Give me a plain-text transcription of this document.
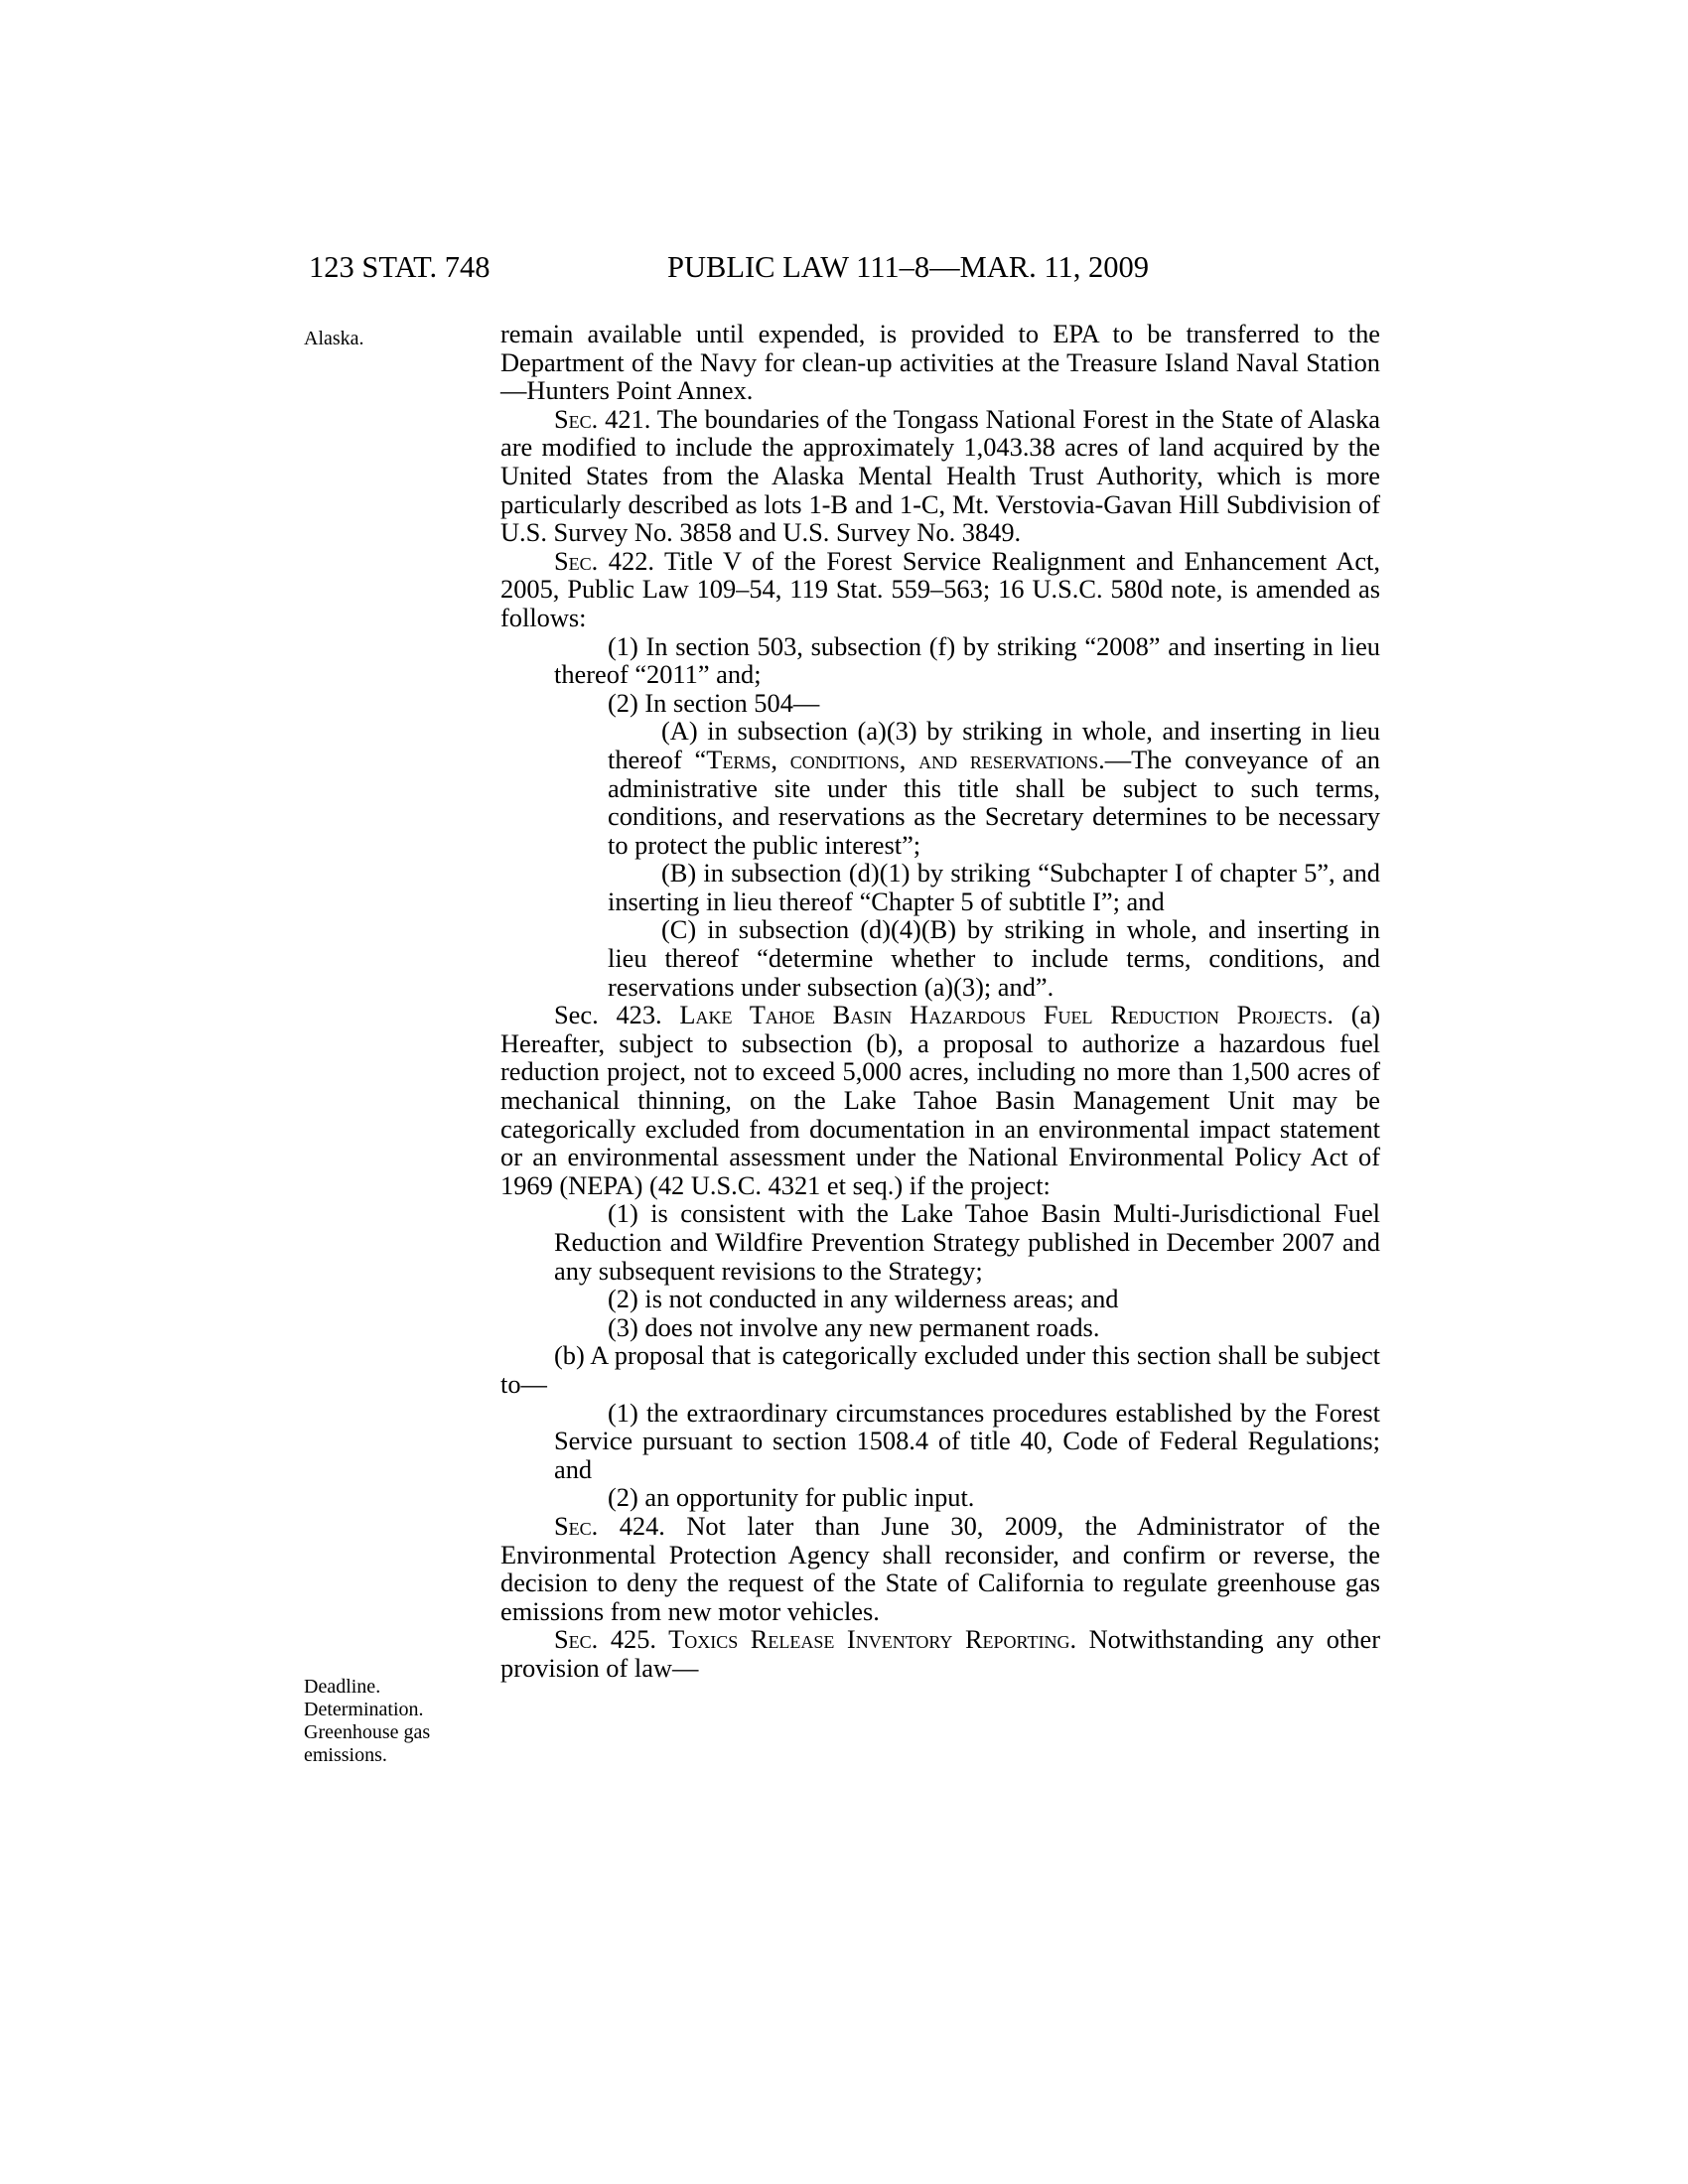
123 STAT. 748	PUBLIC LAW 111–8—MAR. 11, 2009
Alaska.
Deadline.
Determination.
Greenhouse gas
emissions.

remain available until expended, is provided to EPA to be transferred to the Department of the Navy for clean-up activities at the Treasure Island Naval Station—Hunters Point Annex.

Sec. 421. The boundaries of the Tongass National Forest in the State of Alaska are modified to include the approximately 1,043.38 acres of land acquired by the United States from the Alaska Mental Health Trust Authority, which is more particularly described as lots 1-B and 1-C, Mt. Verstovia-Gavan Hill Subdivision of U.S. Survey No. 3858 and U.S. Survey No. 3849.

Sec. 422. Title V of the Forest Service Realignment and Enhancement Act, 2005, Public Law 109–54, 119 Stat. 559–563; 16 U.S.C. 580d note, is amended as follows:

(1) In section 503, subsection (f) by striking “2008” and inserting in lieu thereof “2011” and;

(2) In section 504—

(A) in subsection (a)(3) by striking in whole, and inserting in lieu thereof “Terms, conditions, and reservations.—The conveyance of an administrative site under this title shall be subject to such terms, conditions, and reservations as the Secretary determines to be necessary to protect the public interest”;

(B) in subsection (d)(1) by striking “Subchapter I of chapter 5”, and inserting in lieu thereof “Chapter 5 of subtitle I”; and

(C) in subsection (d)(4)(B) by striking in whole, and inserting in lieu thereof “determine whether to include terms, conditions, and reservations under subsection (a)(3); and”.

Sec. 423. Lake Tahoe Basin Hazardous Fuel Reduction Projects. (a) Hereafter, subject to subsection (b), a proposal to authorize a hazardous fuel reduction project, not to exceed 5,000 acres, including no more than 1,500 acres of mechanical thinning, on the Lake Tahoe Basin Management Unit may be categorically excluded from documentation in an environmental impact statement or an environmental assessment under the National Environmental Policy Act of 1969 (NEPA) (42 U.S.C. 4321 et seq.) if the project:

(1) is consistent with the Lake Tahoe Basin Multi-Jurisdictional Fuel Reduction and Wildfire Prevention Strategy published in December 2007 and any subsequent revisions to the Strategy;

(2) is not conducted in any wilderness areas; and

(3) does not involve any new permanent roads.

(b) A proposal that is categorically excluded under this section shall be subject to—

(1) the extraordinary circumstances procedures established by the Forest Service pursuant to section 1508.4 of title 40, Code of Federal Regulations; and

(2) an opportunity for public input.

Sec. 424. Not later than June 30, 2009, the Administrator of the Environmental Protection Agency shall reconsider, and confirm or reverse, the decision to deny the request of the State of California to regulate greenhouse gas emissions from new motor vehicles.

Sec. 425. Toxics Release Inventory Reporting. Notwithstanding any other provision of law—
